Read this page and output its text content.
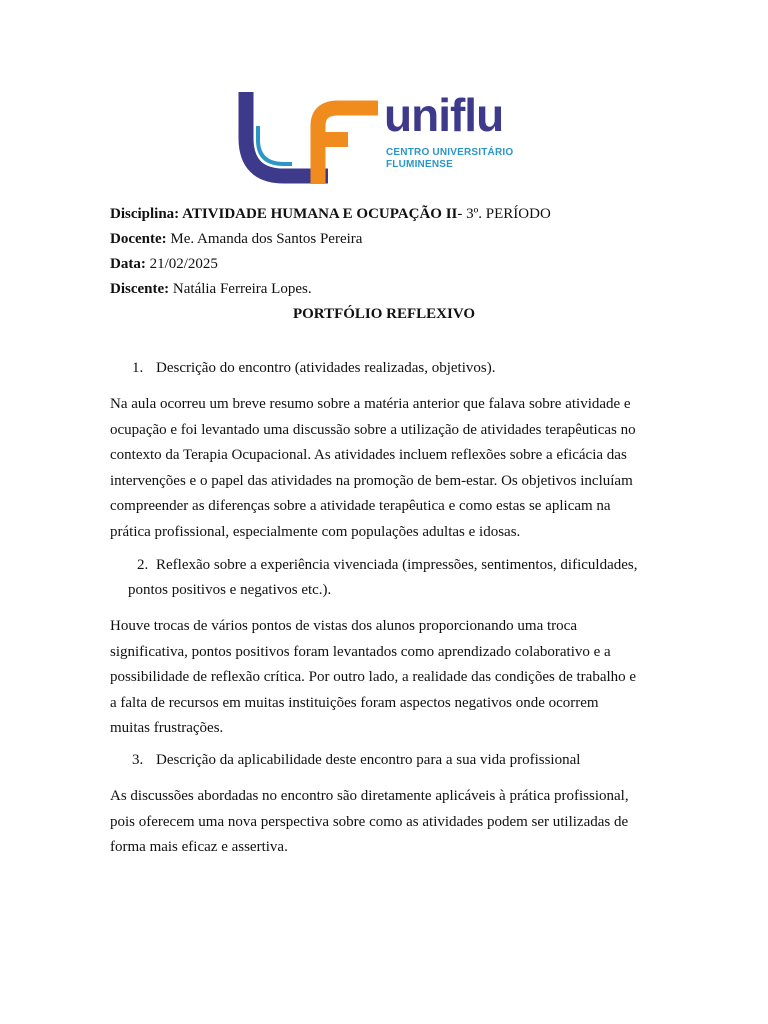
uniflu
CENTRO UNIVERSITÁRIO
FLUMINENSE
Disciplina: ATIVIDADE HUMANA E OCUPAÇÃO II- 3º. PERÍODO
Docente: Me. Amanda dos Santos Pereira
Data: 21/02/2025
Discente: Natália Ferreira Lopes.
PORTFÓLIO REFLEXIVO
1. Descrição do encontro (atividades realizadas, objetivos).
Na aula ocorreu um breve resumo sobre a matéria anterior que falava sobre atividade e
ocupação e foi levantado uma discussão sobre a utilização de atividades terapêuticas no
contexto da Terapia Ocupacional. As atividades incluem reflexões sobre a eficácia das
intervenções e o papel das atividades na promoção de bem-estar. Os objetivos incluíam
compreender as diferenças sobre a atividade terapêutica e como estas se aplicam na
prática profissional, especialmente com populações adultas e idosas.
2. Reflexão sobre a experiência vivenciada (impressões, sentimentos, dificuldades,
pontos positivos e negativos etc.).
Houve trocas de vários pontos de vistas dos alunos proporcionando uma troca
significativa, pontos positivos foram levantados como aprendizado colaborativo e a
possibilidade de reflexão crítica. Por outro lado, a realidade das condições de trabalho e
a falta de recursos em muitas instituições foram aspectos negativos onde ocorrem
muitas frustrações.
3. Descrição da aplicabilidade deste encontro para a sua vida profissional
As discussões abordadas no encontro são diretamente aplicáveis à prática profissional,
pois oferecem uma nova perspectiva sobre como as atividades podem ser utilizadas de
forma mais eficaz e assertiva.
